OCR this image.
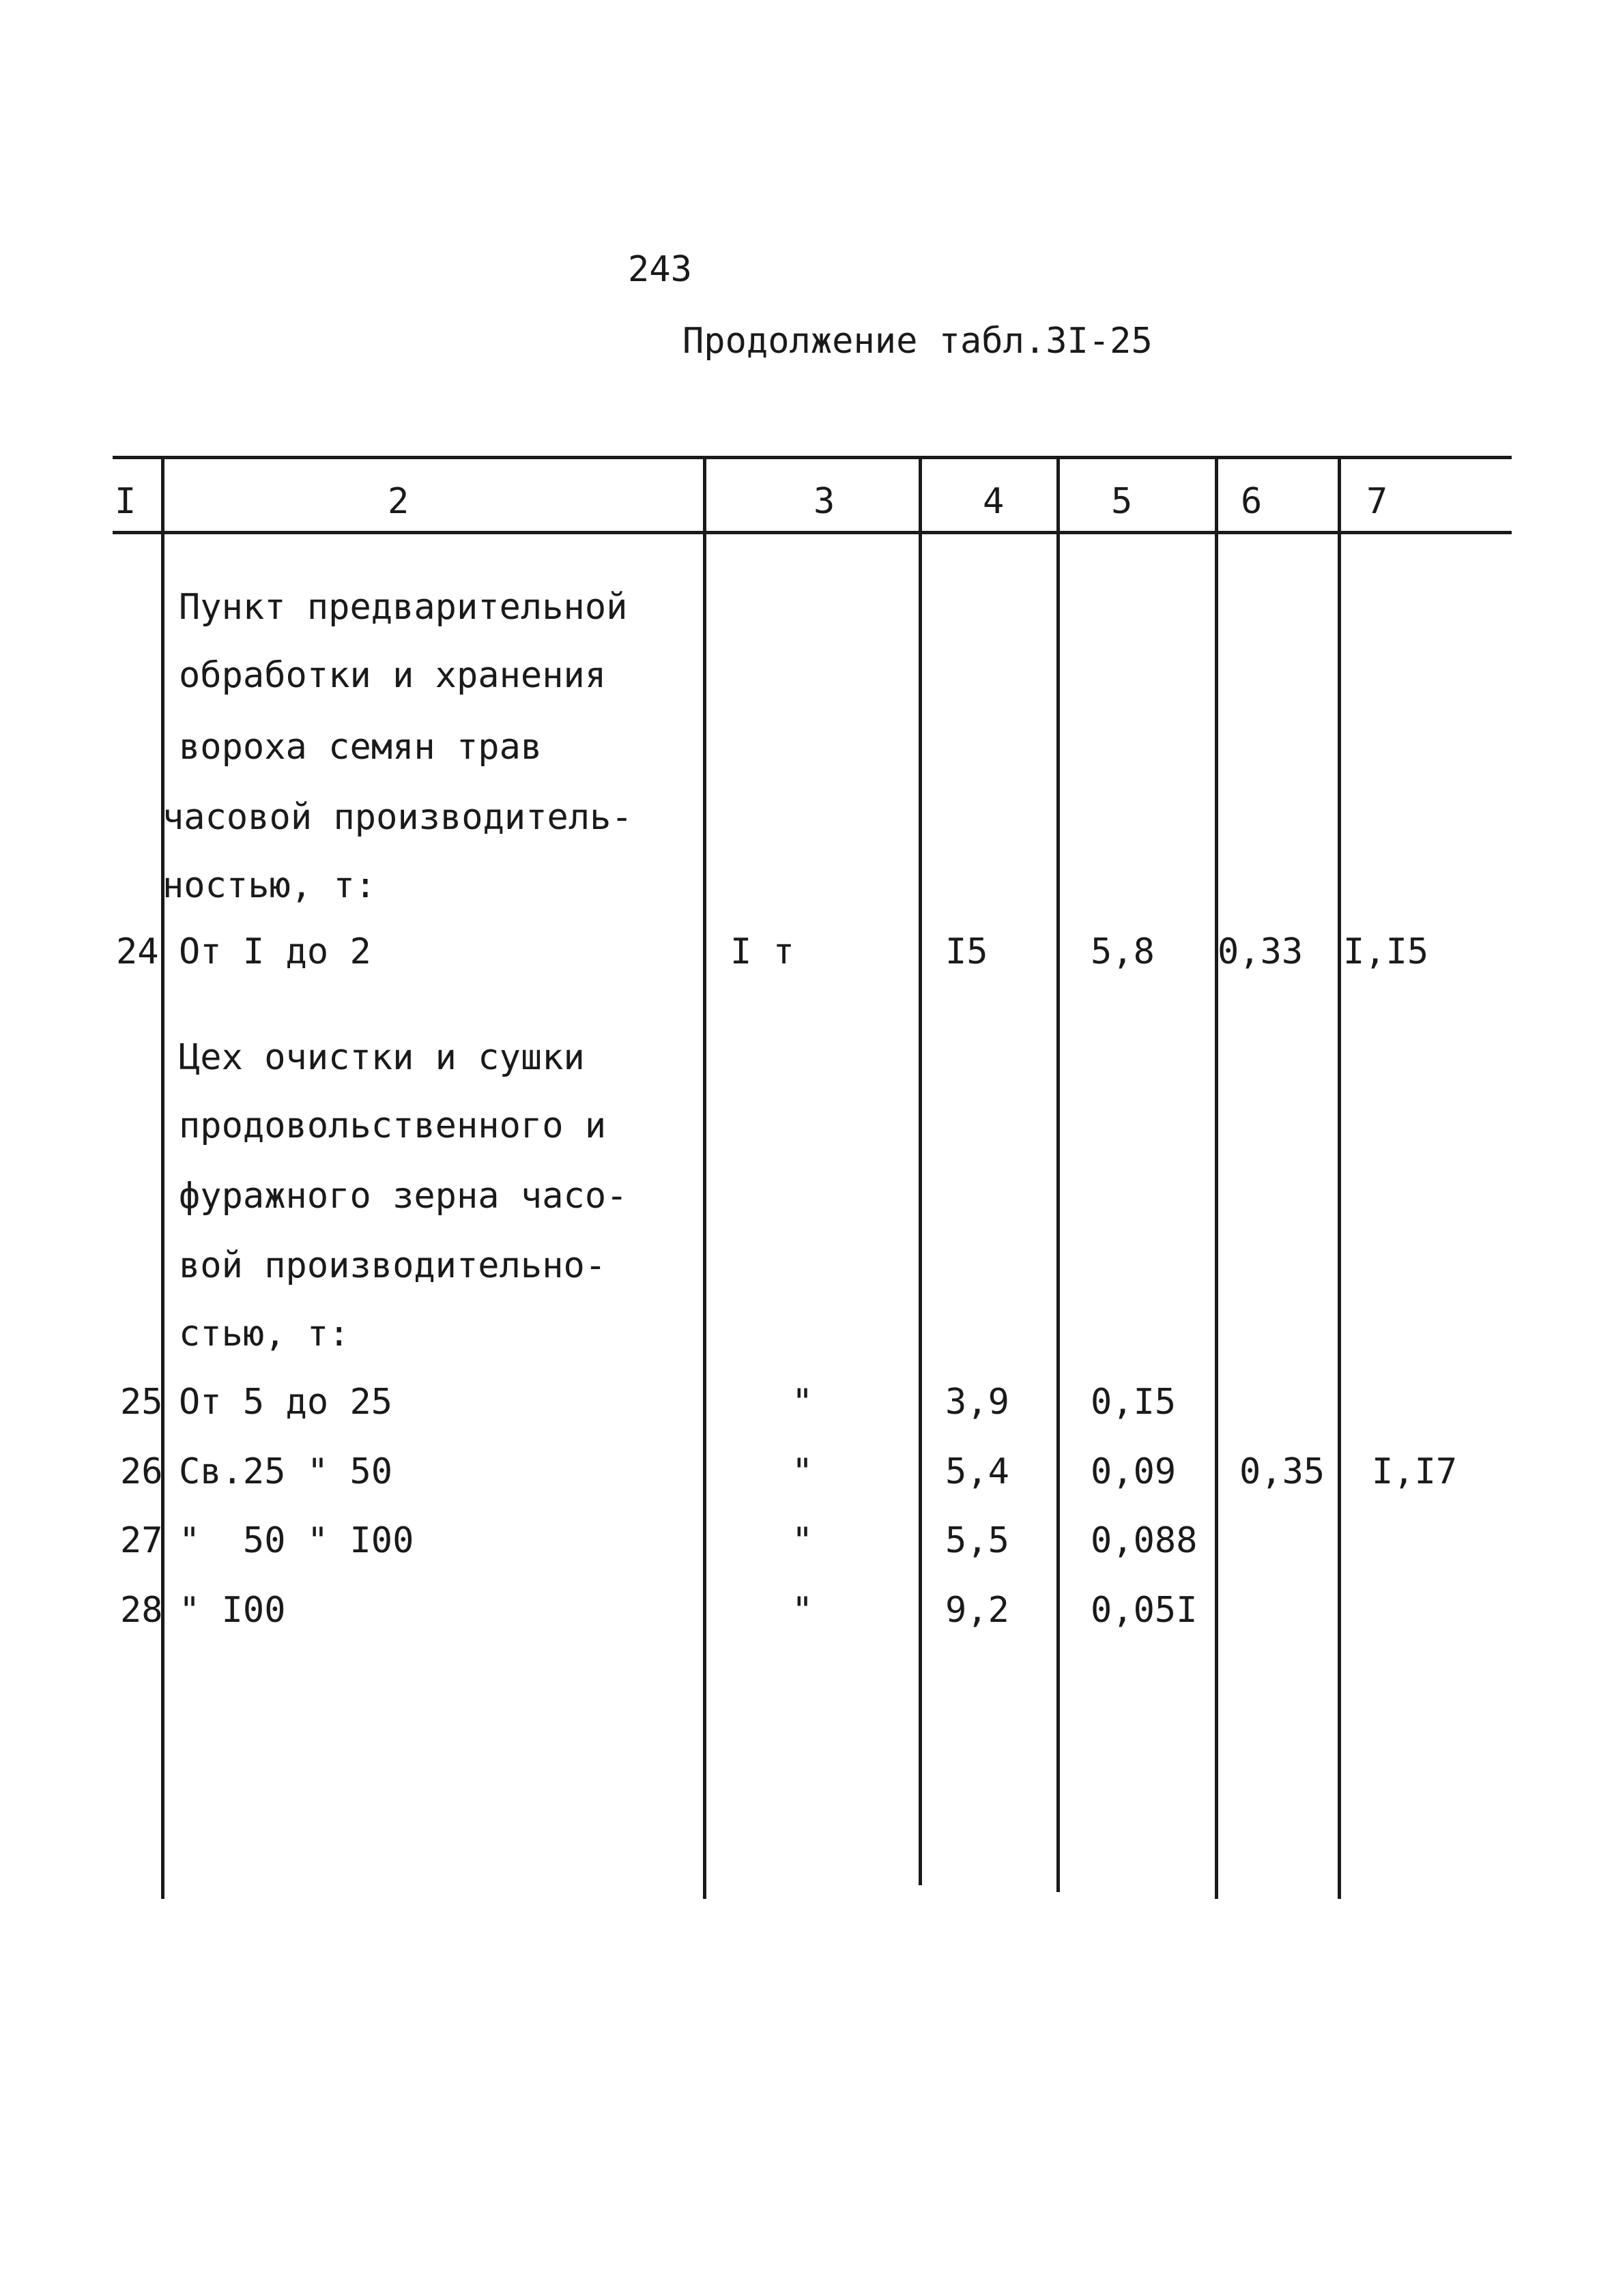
243
Продолжение табл.3I-25
I	2	3	4	5	6	7
Пункт предварительной
обработки и хранения
вороха семян трав
часовой производитель-
ностью, т:
24 От I до 2	I т	I5	5,8 0,33 I,I5
Цех очистки и сушки
продовольственного и
фуражного зерна часо-
вой производительно-
стью, т:
25 От 5 до 25	"	3,9 0,I5
26 Св.25 " 50	"	5,4 0,09 0,35 I,I7
27 "  50 " I00	"	5,5 0,088
28 " I00	"	9,2 0,05I
